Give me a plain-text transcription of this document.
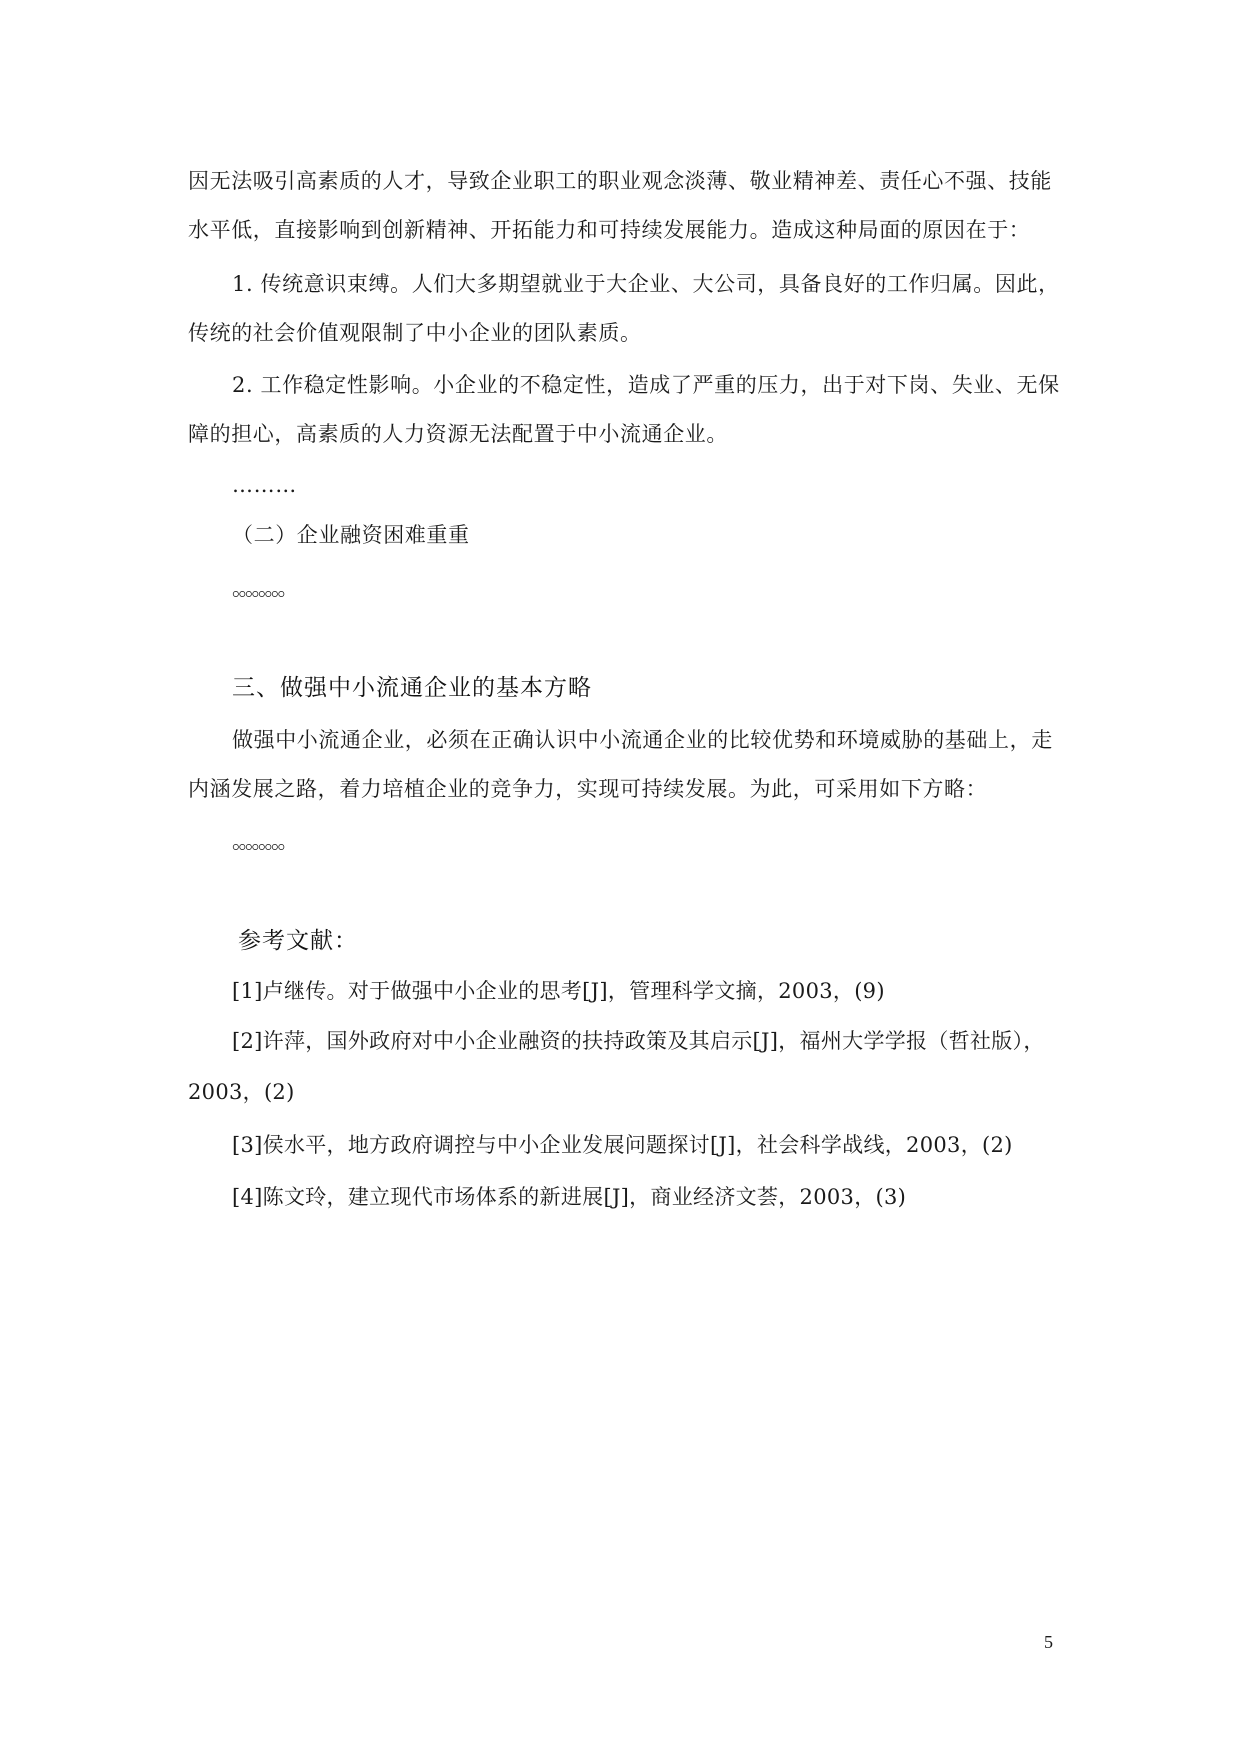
因无法吸引高素质的人才，导致企业职工的职业观念淡薄、敬业精神差、责任心不强、技能

水平低，直接影响到创新精神、开拓能力和可持续发展能力。造成这种局面的原因在于：

1. 传统意识束缚。人们大多期望就业于大企业、大公司，具备良好的工作归属。因此，

传统的社会价值观限制了中小企业的团队素质。

2. 工作稳定性影响。小企业的不稳定性，造成了严重的压力，出于对下岗、失业、无保

障的担心，高素质的人力资源无法配置于中小流通企业。

………

（二）企业融资困难重重

。。。。。。。。

三、做强中小流通企业的基本方略

做强中小流通企业，必须在正确认识中小流通企业的比较优势和环境威胁的基础上，走

内涵发展之路，着力培植企业的竞争力，实现可持续发展。为此，可采用如下方略：

。。。。。。。。

参考文献：

[1]卢继传。对于做强中小企业的思考[J]，管理科学文摘，2003，(9)

[2]许萍，国外政府对中小企业融资的扶持政策及其启示[J]，福州大学学报（哲社版），

2003，(2)

[3]侯水平，地方政府调控与中小企业发展问题探讨[J]，社会科学战线，2003，(2)

[4]陈文玲，建立现代市场体系的新进展[J]，商业经济文荟，2003，(3)

5
